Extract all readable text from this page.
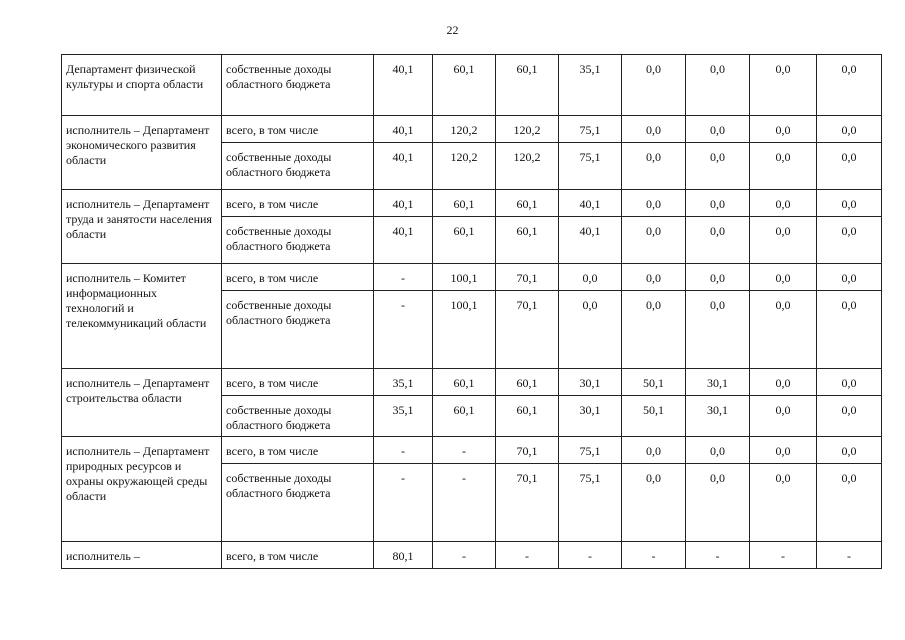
22
Департамент физической культуры и спорта области	собственные доходы областного бюджета	40,1	60,1	60,1	35,1	0,0	0,0	0,0	0,0
исполнитель – Департамент экономического развития области	всего, в том числе	40,1	120,2	120,2	75,1	0,0	0,0	0,0	0,0
	собственные доходы областного бюджета	40,1	120,2	120,2	75,1	0,0	0,0	0,0	0,0
исполнитель – Департамент труда и занятости населения области	всего, в том числе	40,1	60,1	60,1	40,1	0,0	0,0	0,0	0,0
	собственные доходы областного бюджета	40,1	60,1	60,1	40,1	0,0	0,0	0,0	0,0
исполнитель – Комитет информационных технологий и телекоммуникаций области	всего, в том числе	-	100,1	70,1	0,0	0,0	0,0	0,0	0,0
	собственные доходы областного бюджета	-	100,1	70,1	0,0	0,0	0,0	0,0	0,0
исполнитель – Департамент строительства области	всего, в том числе	35,1	60,1	60,1	30,1	50,1	30,1	0,0	0,0
	собственные доходы областного бюджета	35,1	60,1	60,1	30,1	50,1	30,1	0,0	0,0
исполнитель – Департамент природных ресурсов и охраны окружающей среды области	всего, в том числе	-	-	70,1	75,1	0,0	0,0	0,0	0,0
	собственные доходы областного бюджета	-	-	70,1	75,1	0,0	0,0	0,0	0,0
исполнитель –	всего, в том числе	80,1	-	-	-	-	-	-	-
